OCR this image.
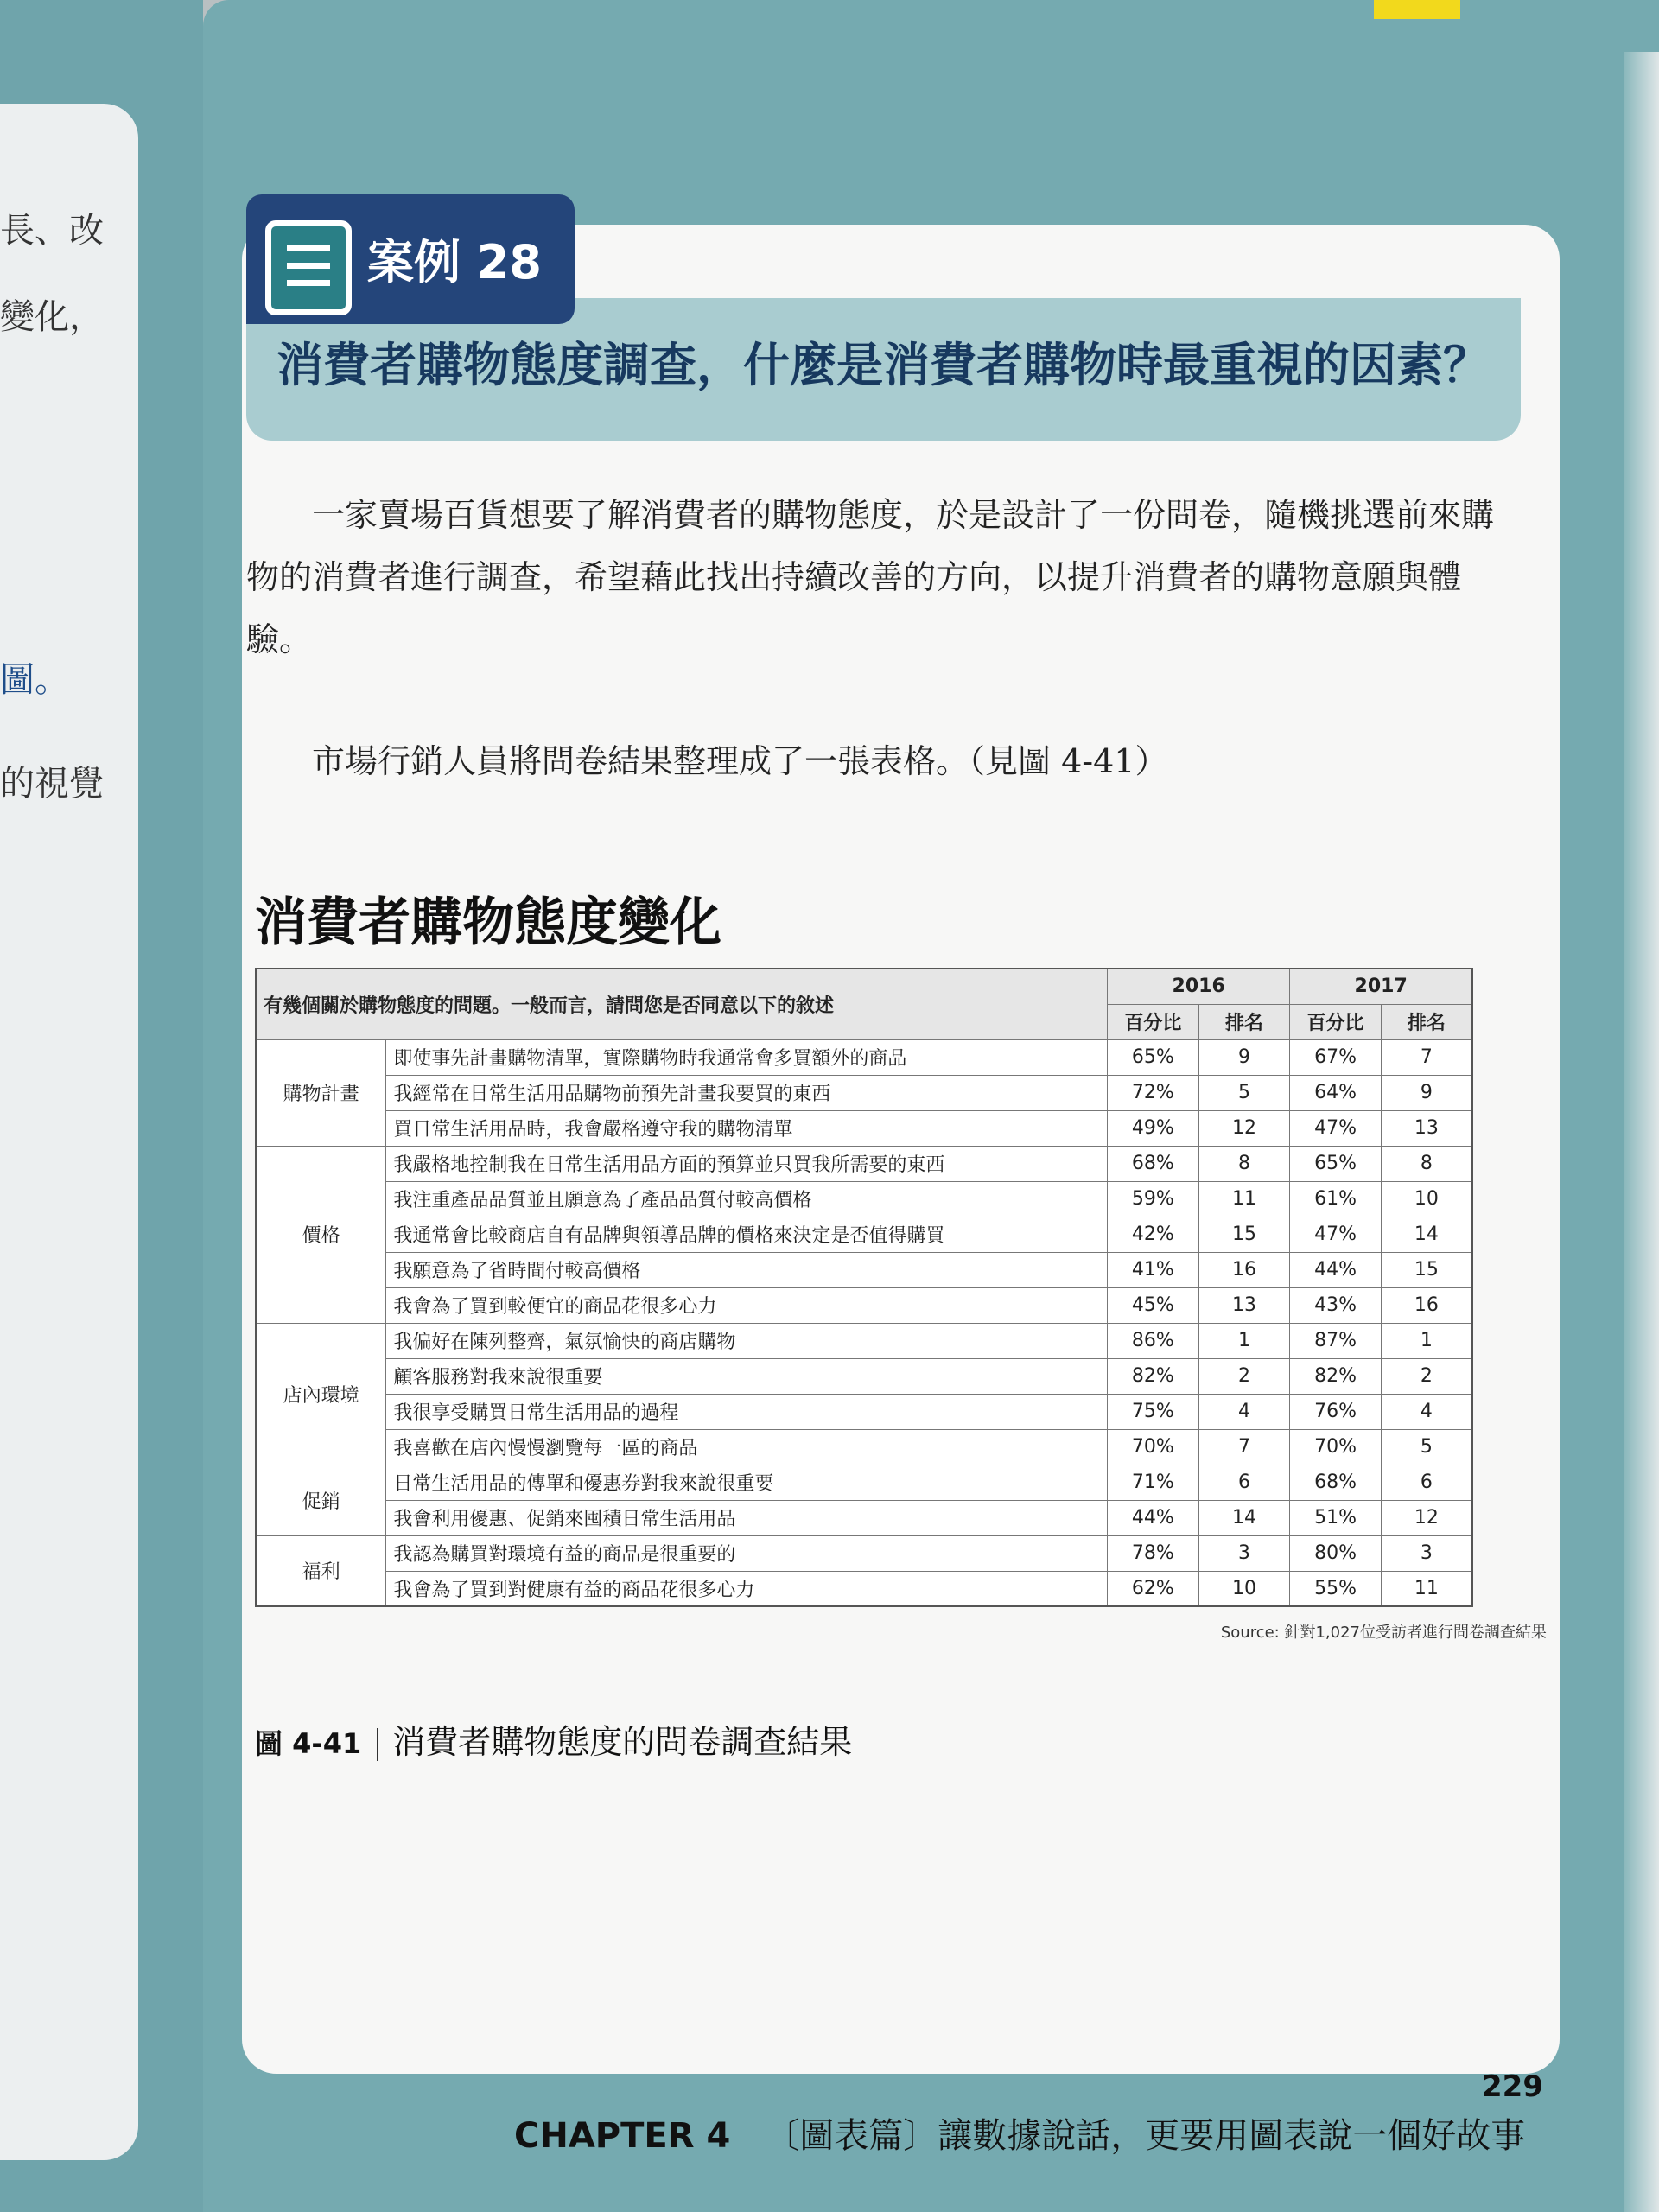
長、改
變化，
圖。
的視覺
案例 28
消費者購物態度調查，什麼是消費者購物時最重視的因素？

一家賣場百貨想要了解消費者的購物態度，於是設計了一份問卷，隨機挑選前來購物的消費者進行調查，希望藉此找出持續改善的方向，以提升消費者的購物意願與體驗。

市場行銷人員將問卷結果整理成了一張表格。（見圖 4-41）

消費者購物態度變化
有幾個關於購物態度的問題。一般而言，請問您是否同意以下的敘述		2016		2017	
		百分比	排名	百分比	排名
購物計畫	即使事先計畫購物清單，實際購物時我通常會多買額外的商品	65%	9	67%	7
	我經常在日常生活用品購物前預先計畫我要買的東西	72%	5	64%	9
	買日常生活用品時，我會嚴格遵守我的購物清單	49%	12	47%	13
價格	我嚴格地控制我在日常生活用品方面的預算並只買我所需要的東西	68%	8	65%	8
	我注重產品品質並且願意為了產品品質付較高價格	59%	11	61%	10
	我通常會比較商店自有品牌與領導品牌的價格來決定是否值得購買	42%	15	47%	14
	我願意為了省時間付較高價格	41%	16	44%	15
	我會為了買到較便宜的商品花很多心力	45%	13	43%	16
店內環境	我偏好在陳列整齊，氣氛愉快的商店購物	86%	1	87%	1
	顧客服務對我來說很重要	82%	2	82%	2
	我很享受購買日常生活用品的過程	75%	4	76%	4
	我喜歡在店內慢慢瀏覽每一區的商品	70%	7	70%	5
促銷	日常生活用品的傳單和優惠券對我來說很重要	71%	6	68%	6
	我會利用優惠、促銷來囤積日常生活用品	44%	14	51%	12
福利	我認為購買對環境有益的商品是很重要的	78%	3	80%	3
	我會為了買到對健康有益的商品花很多心力	62%	10	55%	11
Source: 針對1,027位受訪者進行問卷調查結果
圖 4-41 消費者購物態度的問卷調查結果
229
CHAPTER 4 〔圖表篇〕讓數據說話，更要用圖表說一個好故事
